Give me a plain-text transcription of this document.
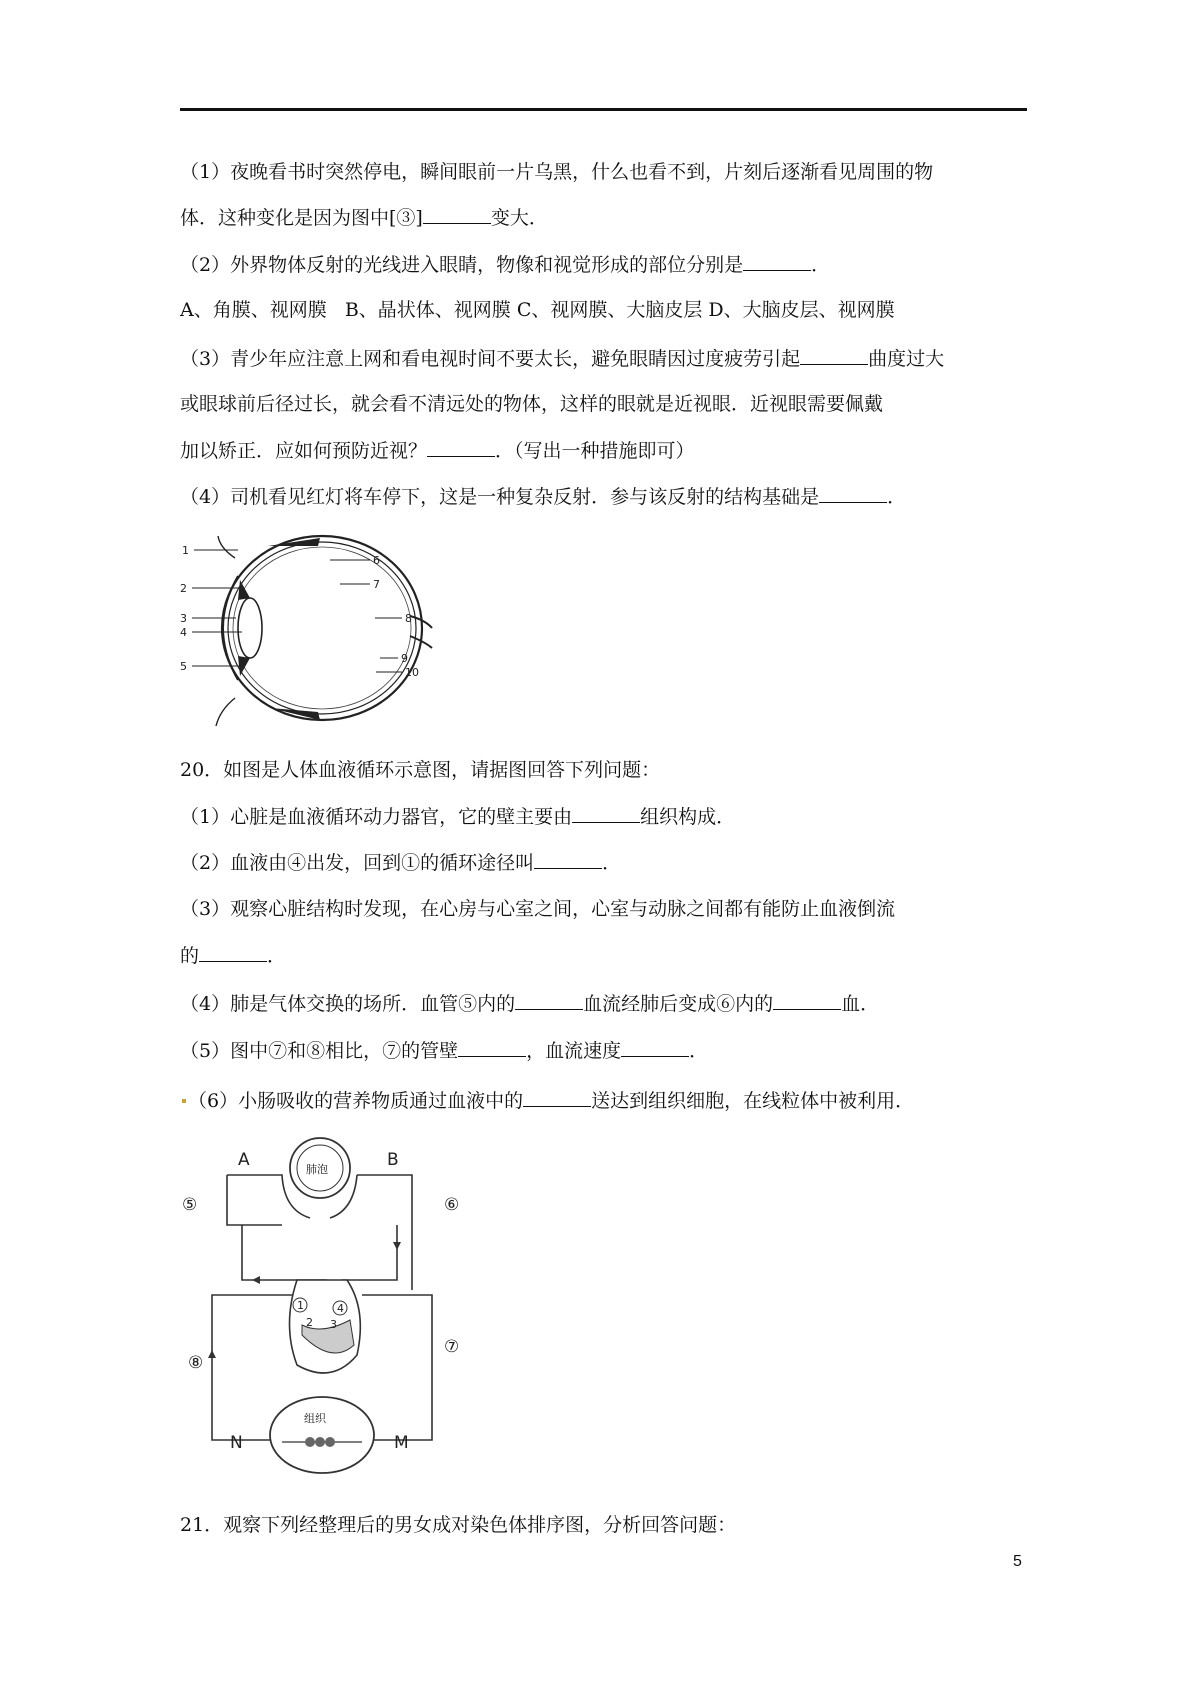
（1）夜晚看书时突然停电，瞬间眼前一片乌黑，什么也看不到，片刻后逐渐看见周围的物
体．这种变化是因为图中[③]	变大．
（2）外界物体反射的光线进入眼睛，物像和视觉形成的部位分别是	．
A、角膜、视网膜   B、晶状体、视网膜 C、视网膜、大脑皮层 D、大脑皮层、视网膜
（3）青少年应注意上网和看电视时间不要太长，避免眼睛因过度疲劳引起	曲度过大
或眼球前后径过长，就会看不清远处的物体，这样的眼就是近视眼．近视眼需要佩戴
加以矫正．应如何预防近视？	．（写出一种措施即可）
（4）司机看见红灯将车停下，这是一种复杂反射．参与该反射的结构基础是	．
1
2
3
4
5
6
7
8
9
10
20．如图是人体血液循环示意图，请据图回答下列问题：
（1）心脏是血液循环动力器官，它的壁主要由	组织构成．
（2）血液由④出发，回到①的循环途径叫	．
（3）观察心脏结构时发现，在心房与心室之间，心室与动脉之间都有能防止血液倒流
的	．
（4）肺是气体交换的场所．血管⑤内的	血流经肺后变成⑥内的	血．
（5）图中⑦和⑧相比，⑦的管壁	，血流速度	．
（6）小肠吸收的营养物质通过血液中的	送达到组织细胞，在线粒体中被利用．
肺泡
A	B
1	4
2 3
组织
N	M
⑤	⑥
⑦
⑧
21．观察下列经整理后的男女成对染色体排序图，分析回答问题：
5
